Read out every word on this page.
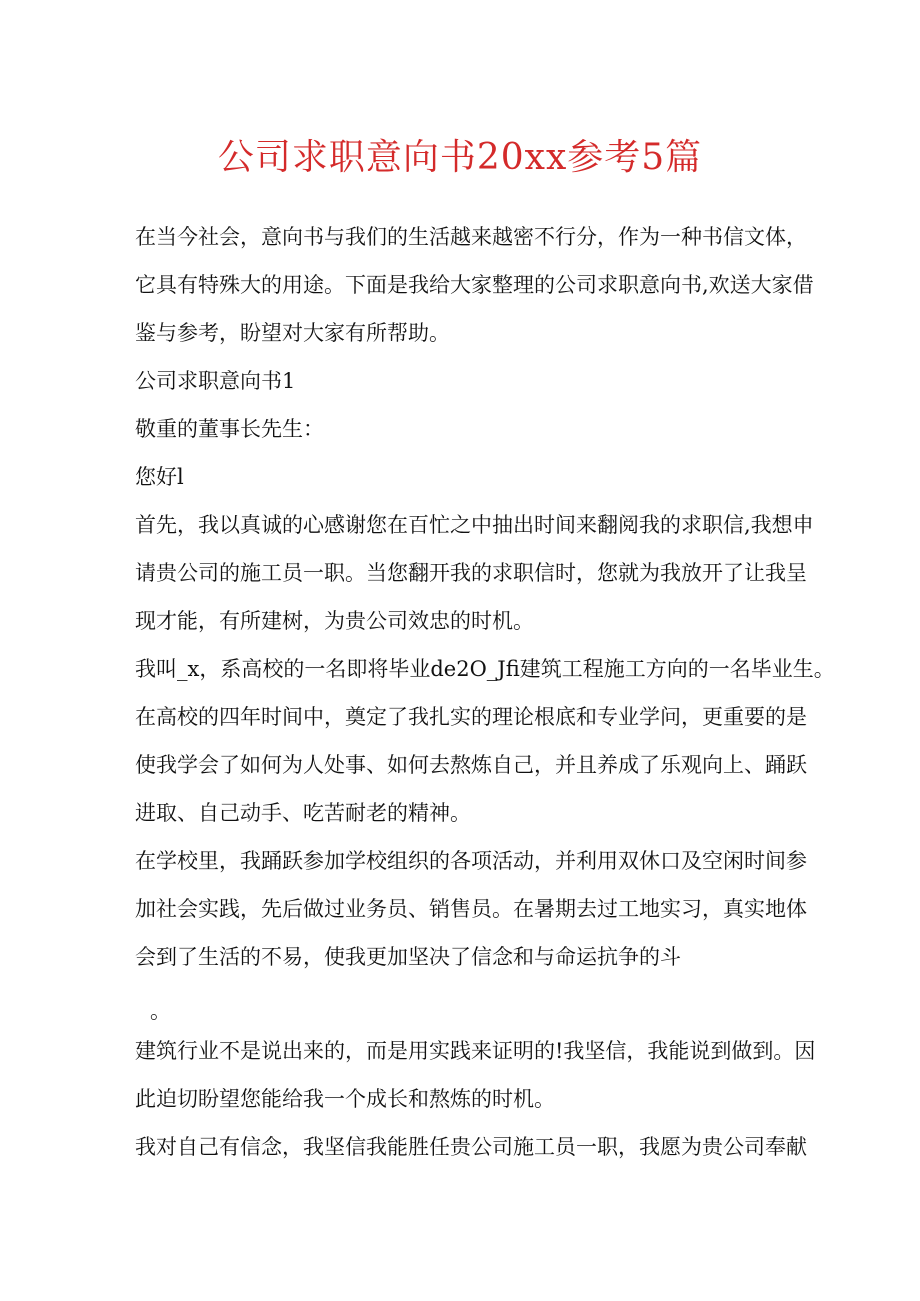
公司求职意向书20xx参考5篇
在当今社会，意向书与我们的生活越来越密不行分，作为一种书信文体，
它具有特殊大的用途。下面是我给大家整理的公司求职意向书,欢送大家借
鉴与参考，盼望对大家有所帮助。
公司求职意向书1
敬重的董事长先生：
您好l
首先，我以真诚的心感谢您在百忙之中抽出时间来翻阅我的求职信,我想申
请贵公司的施工员一职。当您翻开我的求职信时，您就为我放开了让我呈
现才能，有所建树，为贵公司效忠的时机。
我叫_x，系高校的一名即将毕业de2O_Jfi建筑工程施工方向的一名毕业生。
在高校的四年时间中，奠定了我扎实的理论根底和专业学问，更重要的是
使我学会了如何为人处事、如何去熬炼自己，并且养成了乐观向上、踊跃
进取、自己动手、吃苦耐老的精神。
在学校里，我踊跃参加学校组织的各项活动，并利用双休口及空闲时间参
加社会实践，先后做过业务员、销售员。在暑期去过工地实习，真实地体
会到了生活的不易，使我更加坚决了信念和与命运抗争的斗
。
建筑行业不是说出来的，而是用实践来证明的!我坚信，我能说到做到。因
此迫切盼望您能给我一个成长和熬炼的时机。
我对自己有信念，我坚信我能胜任贵公司施工员一职，我愿为贵公司奉献
